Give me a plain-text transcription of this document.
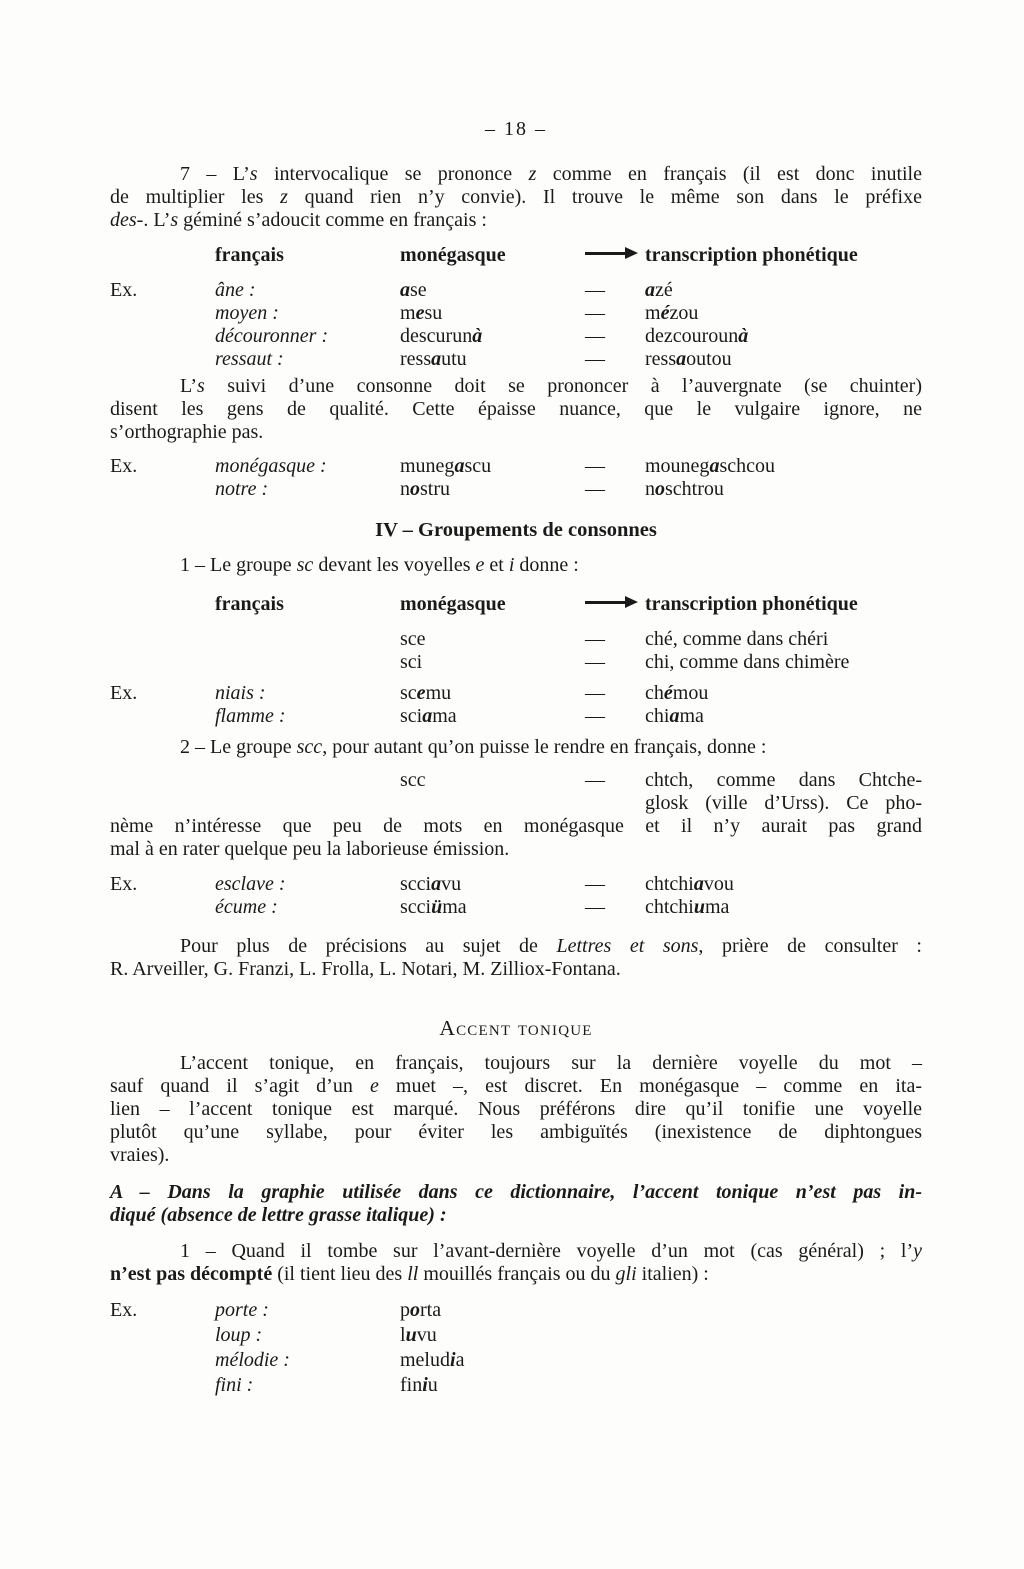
– 18 –
7 – L’s intervocalique se prononce z comme en français (il est donc inutile
de multiplier les z quand rien n’y convie). Il trouve le même son dans le préfixe
des-. L’s géminé s’adoucit comme en français :
français	monégasque	transcription phonétique
Ex.	âne :	ase	—	azé
moyen :	mesu	—	mézou
découronner :	descurunà	—	dezcourounà
ressaut :	ressautu	—	ressaoutou
L’s suivi d’une consonne doit se prononcer à l’auvergnate (se chuinter)
disent les gens de qualité. Cette épaisse nuance, que le vulgaire ignore, ne
s’orthographie pas.
Ex.	monégasque :	munegascu	—	mounegaschcou
notre :	nostru	—	noschtrou
IV – Groupements de consonnes
1 – Le groupe sc devant les voyelles e et i donne :
français	monégasque	transcription phonétique
sce	—	ché, comme dans chéri
sci	—	chi, comme dans chimère
Ex.	niais :	scemu	—	chémou
flamme :	sciama	—	chiama
2 – Le groupe scc, pour autant qu’on puisse le rendre en français, donne :
scc	—	chtch, comme dans Chtche-
glosk (ville d’Urss). Ce pho-
nème n’intéresse que peu de mots en monégasque et il n’y aurait pas grand
mal à en rater quelque peu la laborieuse émission.
Ex.	esclave :	scciavu	—	chtchiavou
écume :	scciüma	—	chtchiuma
Pour plus de précisions au sujet de Lettres et sons, prière de consulter :
R. Arveiller, G. Franzi, L. Frolla, L. Notari, M. Zilliox-Fontana.
Accent tonique
L’accent tonique, en français, toujours sur la dernière voyelle du mot –
sauf quand il s’agit d’un e muet –, est discret. En monégasque – comme en ita-
lien – l’accent tonique est marqué. Nous préférons dire qu’il tonifie une voyelle
plutôt qu’une syllabe, pour éviter les ambiguïtés (inexistence de diphtongues
vraies).
A – Dans la graphie utilisée dans ce dictionnaire, l’accent tonique n’est pas in-
diqué (absence de lettre grasse italique) :
1 – Quand il tombe sur l’avant-dernière voyelle d’un mot (cas général) ; l’y
n’est pas décompté (il tient lieu des ll mouillés français ou du gli italien) :
Ex.	porte :	porta
loup :	luvu
mélodie :	meludia
fini :	finiu
